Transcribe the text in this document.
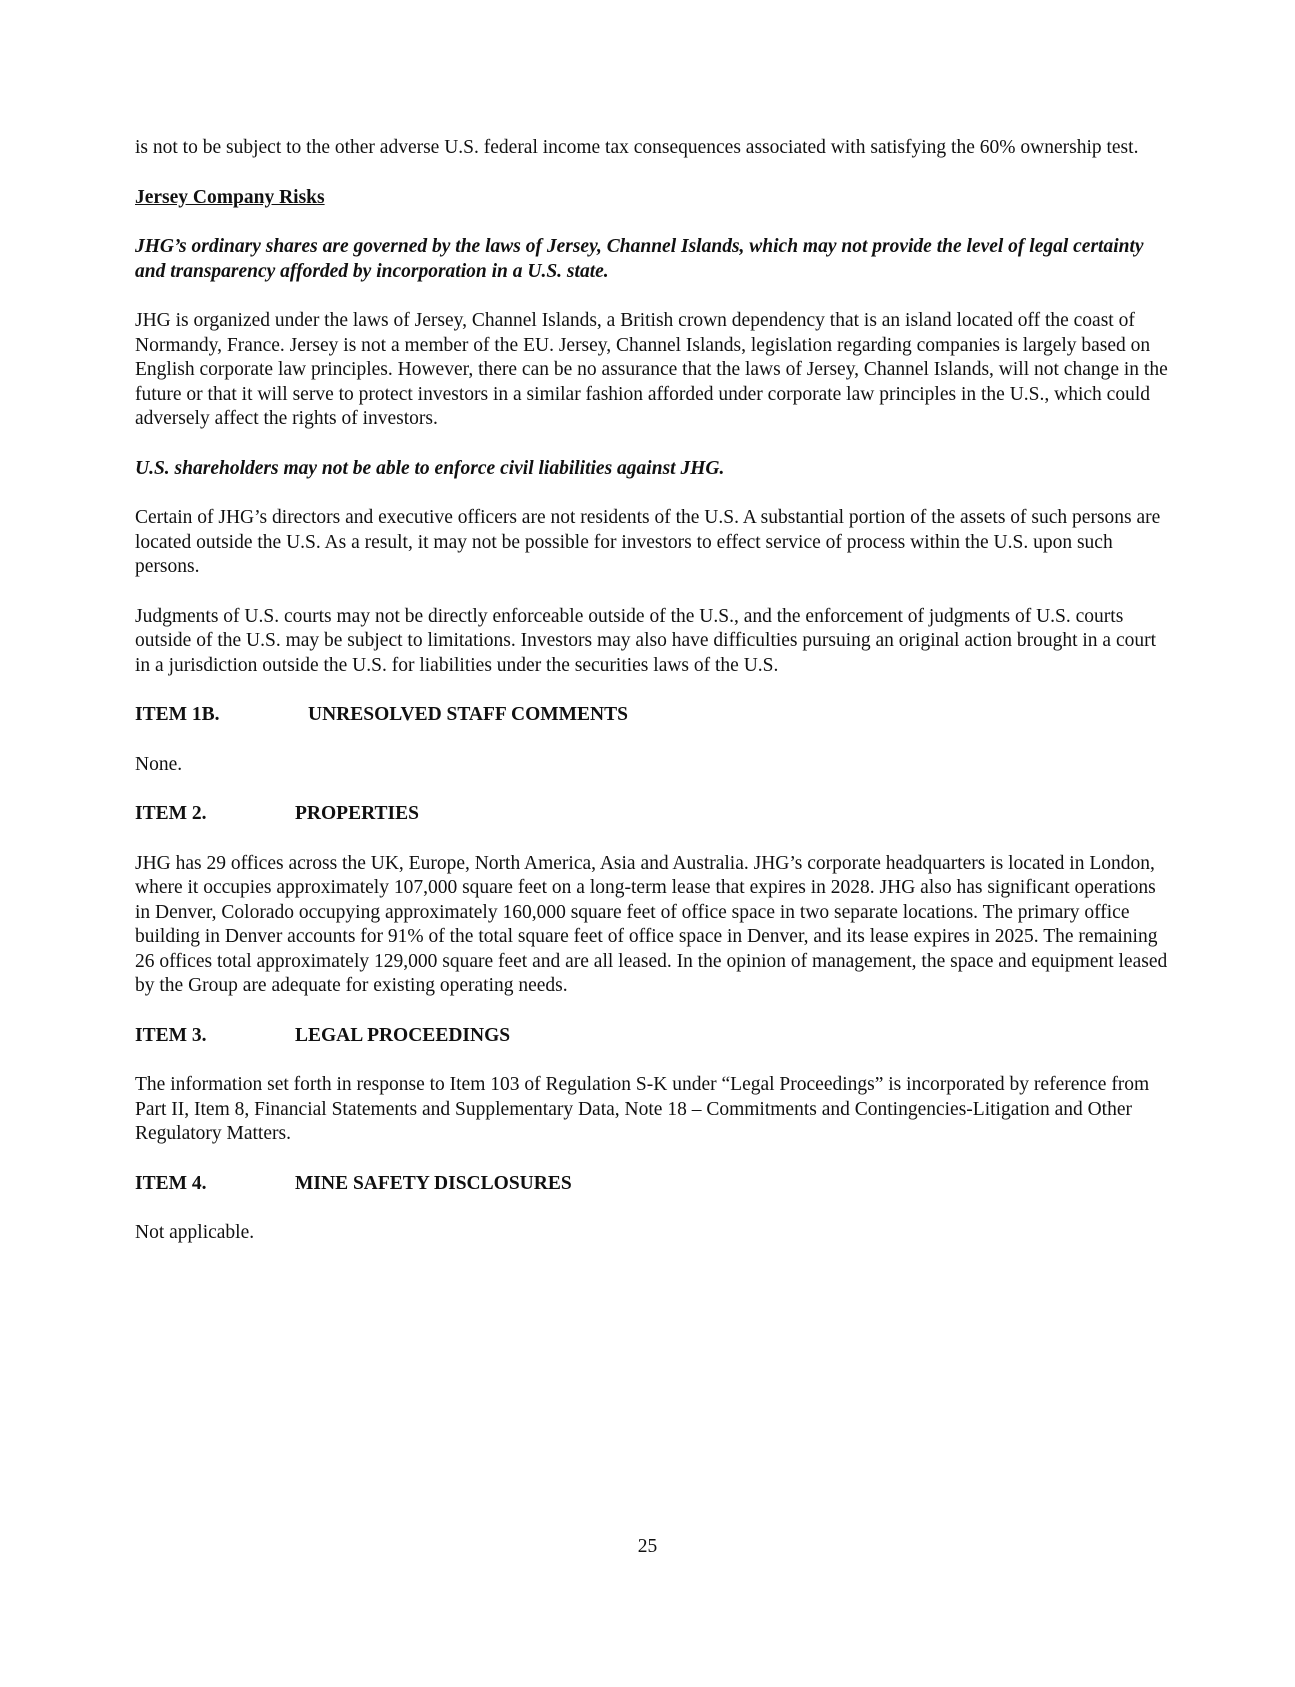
is not to be subject to the other adverse U.S. federal income tax consequences associated with satisfying the 60% ownership test.

Jersey Company Risks

JHG’s ordinary shares are governed by the laws of Jersey, Channel Islands, which may not provide the level of legal certainty and transparency afforded by incorporation in a U.S. state.

JHG is organized under the laws of Jersey, Channel Islands, a British crown dependency that is an island located off the coast of Normandy, France. Jersey is not a member of the EU. Jersey, Channel Islands, legislation regarding companies is largely based on English corporate law principles. However, there can be no assurance that the laws of Jersey, Channel Islands, will not change in the future or that it will serve to protect investors in a similar fashion afforded under corporate law principles in the U.S., which could adversely affect the rights of investors.

U.S. shareholders may not be able to enforce civil liabilities against JHG.

Certain of JHG’s directors and executive officers are not residents of the U.S. A substantial portion of the assets of such persons are located outside the U.S. As a result, it may not be possible for investors to effect service of process within the U.S. upon such persons.

Judgments of U.S. courts may not be directly enforceable outside of the U.S., and the enforcement of judgments of U.S. courts outside of the U.S. may be subject to limitations. Investors may also have difficulties pursuing an original action brought in a court in a jurisdiction outside the U.S. for liabilities under the securities laws of the U.S.

ITEM 1B.	UNRESOLVED STAFF COMMENTS

None.

ITEM 2.	PROPERTIES

JHG has 29 offices across the UK, Europe, North America, Asia and Australia. JHG’s corporate headquarters is located in London, where it occupies approximately 107,000 square feet on a long-term lease that expires in 2028. JHG also has significant operations in Denver, Colorado occupying approximately 160,000 square feet of office space in two separate locations. The primary office building in Denver accounts for 91% of the total square feet of office space in Denver, and its lease expires in 2025. The remaining 26 offices total approximately 129,000 square feet and are all leased. In the opinion of management, the space and equipment leased by the Group are adequate for existing operating needs.

ITEM 3.	LEGAL PROCEEDINGS

The information set forth in response to Item 103 of Regulation S-K under “Legal Proceedings” is incorporated by reference from Part II, Item 8, Financial Statements and Supplementary Data, Note 18 – Commitments and Contingencies-Litigation and Other Regulatory Matters.

ITEM 4.	MINE SAFETY DISCLOSURES

Not applicable.

25
